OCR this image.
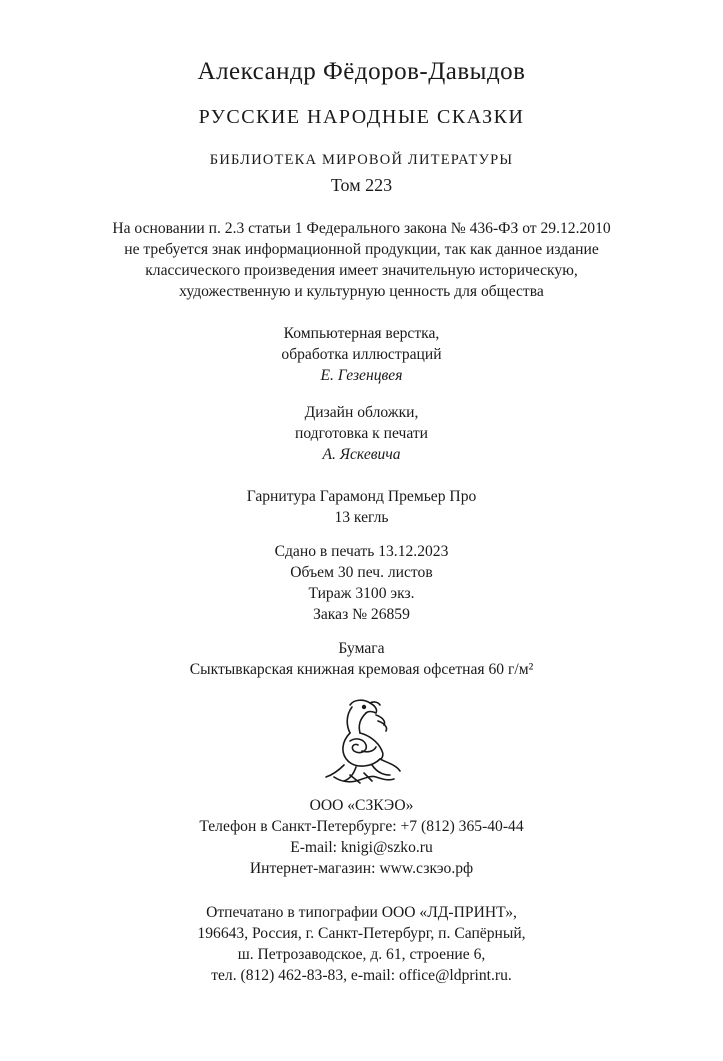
Александр Фёдоров-Давыдов
РУССКИЕ НАРОДНЫЕ СКАЗКИ
БИБЛИОТЕКА МИРОВОЙ ЛИТЕРАТУРЫ
Том 223
На основании п. 2.3 статьи 1 Федерального закона № 436-ФЗ от 29.12.2010
не требуется знак информационной продукции, так как данное издание
классического произведения имеет значительную историческую,
художественную и культурную ценность для общества
Компьютерная верстка,
обработка иллюстраций
Е. Гезенцвея
Дизайн обложки,
подготовка к печати
А. Яскевича
Гарнитура Гарамонд Премьер Про
13 кегль
Сдано в печать 13.12.2023
Объем 30 печ. листов
Тираж 3100 экз.
Заказ № 26859
Бумага
Сыктывкарская книжная кремовая офсетная 60 г/м²
ООО «СЗКЭО»
Телефон в Санкт-Петербурге: +7 (812) 365-40-44
E-mail: knigi@szko.ru
Интернет-магазин: www.сзкэо.рф
Отпечатано в типографии ООО «ЛД-ПРИНТ»,
196643, Россия, г. Санкт-Петербург, п. Сапёрный,
ш. Петрозаводское, д. 61, строение 6,
тел. (812) 462-83-83, e-mail: office@ldprint.ru.
